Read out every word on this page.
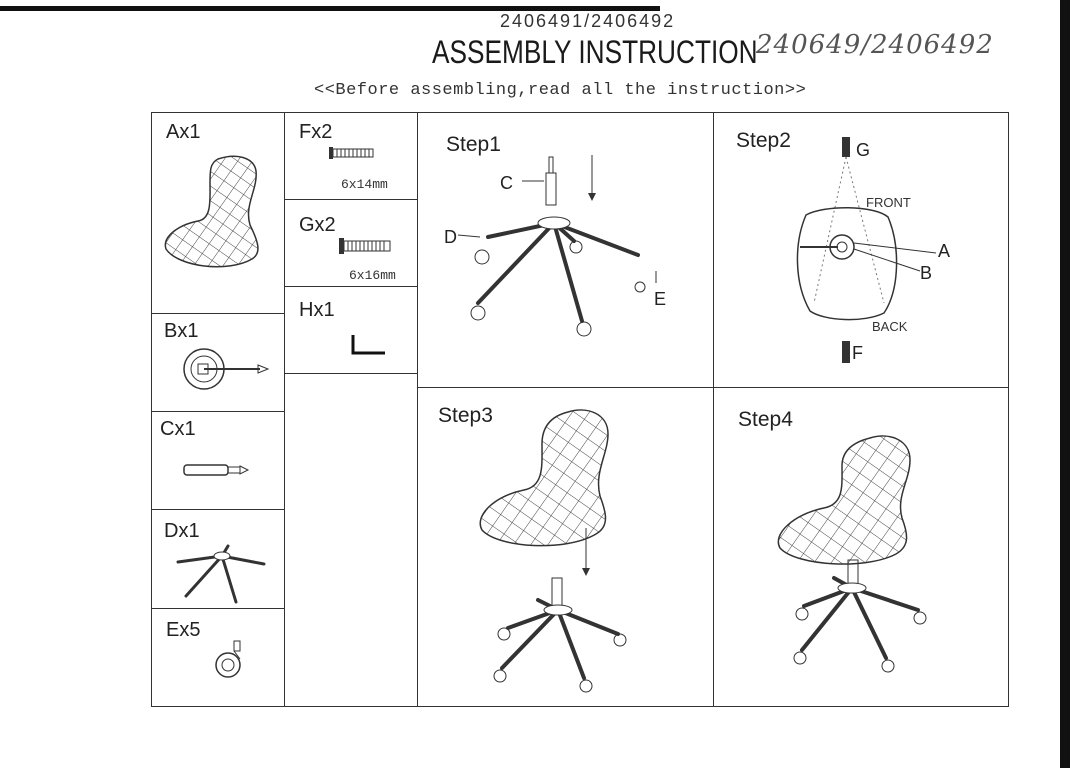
2406491/2406492
ASSEMBLY INSTRUCTION
240649/2406492
<<Before assembling,read all the instruction>>
Ax1
Bx1
Cx1
Dx1
Ex5
Fx2
6x14mm
Gx2
6x16mm
Hx1
Step1
C
D
E
Step2	G
FRONT
A
B
BACK
F
Step3	Step4
